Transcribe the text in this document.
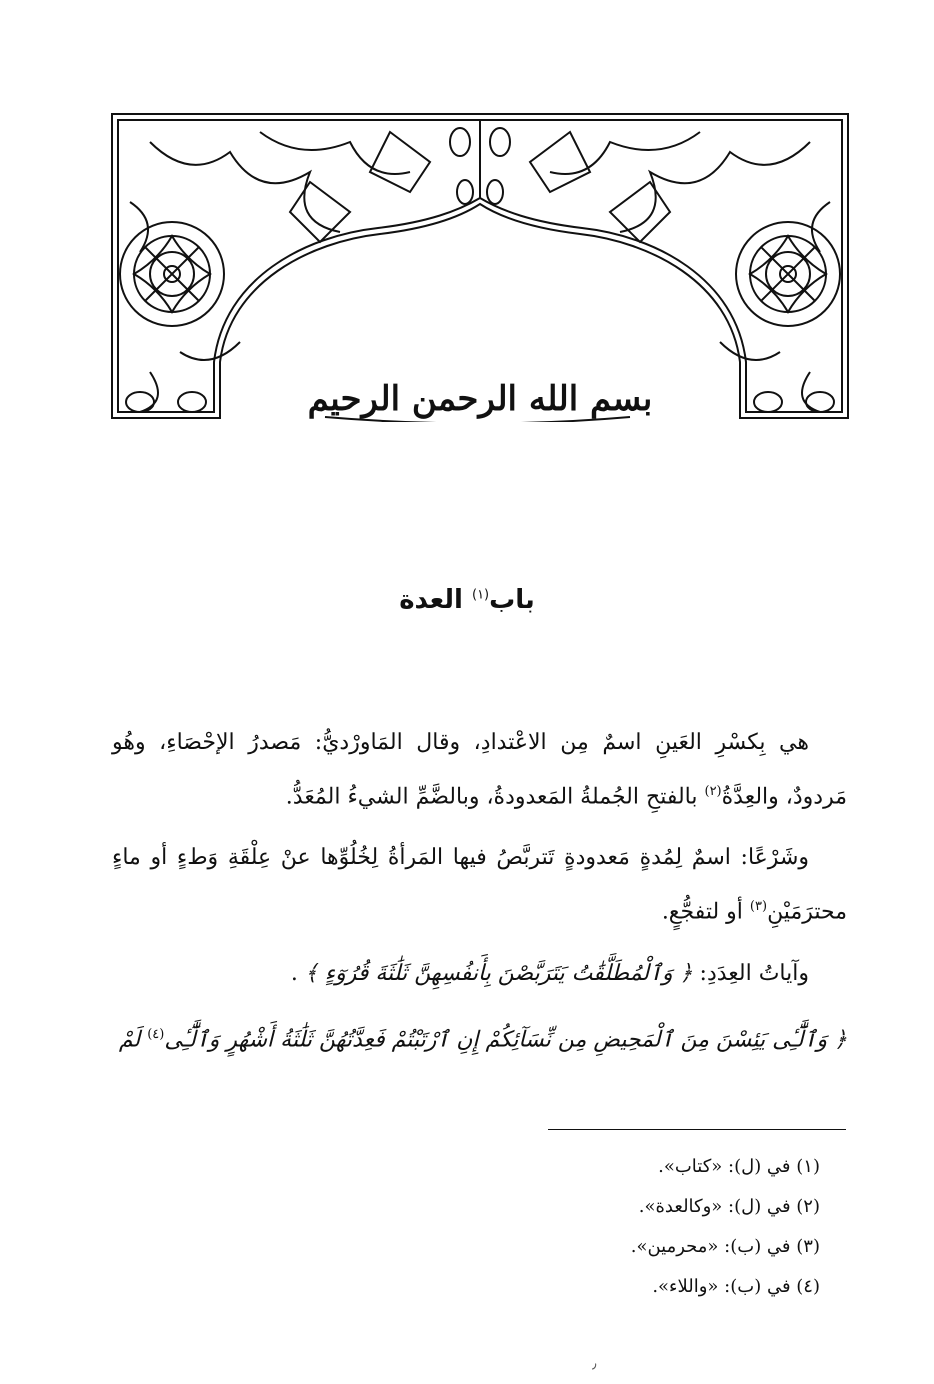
بسم الله الرحمن الرحيم
باب$^{(١)}$ العدة

هي بِكسْرِ العَينِ اسمٌ مِن الاعْتدادِ، وقال المَاورْديُّ: مَصدرُ الإحْصَاءِ، وهُو مَردودٌ، والعِدَّةُ$^{(٢)}$ بالفتحِ الجُملةُ المَعدودةُ، وبالضَّمِّ الشيءُ المُعَدُّ.

وشَرْعًا: اسمٌ لِمُدةٍ مَعدودةٍ تَتربَّصُ فيها المَرأةُ لِخُلُوِّها عنْ عِلْقَةِ وَطءٍ أو ماءٍ محترَمَيْنِ$^{(٣)}$ أو لتفجُّعٍ.

وآياتُ العِدَدِ: ﴿ وَٱلْمُطَلَّقَٰتُ يَتَرَبَّصْنَ بِأَنفُسِهِنَّ ثَلَٰثَةَ قُرُوٓءٍ ﴾ .

﴿ وَٱلَّٰٓـِٔى يَئِسْنَ مِنَ ٱلْمَحِيضِ مِن نِّسَآئِكُمْ إِنِ ٱرْتَبْتُمْ فَعِدَّتُهُنَّ ثَلَٰثَةُ أَشْهُرٍ وَٱلَّٰٓـِٔى$^{(٤)}$ لَمْ

(١) في (ل): «كتاب».
(٢) في (ل): «وكالعدة».
(٣) في (ب): «محرمين».
(٤) في (ب): «واللاء».
٫
